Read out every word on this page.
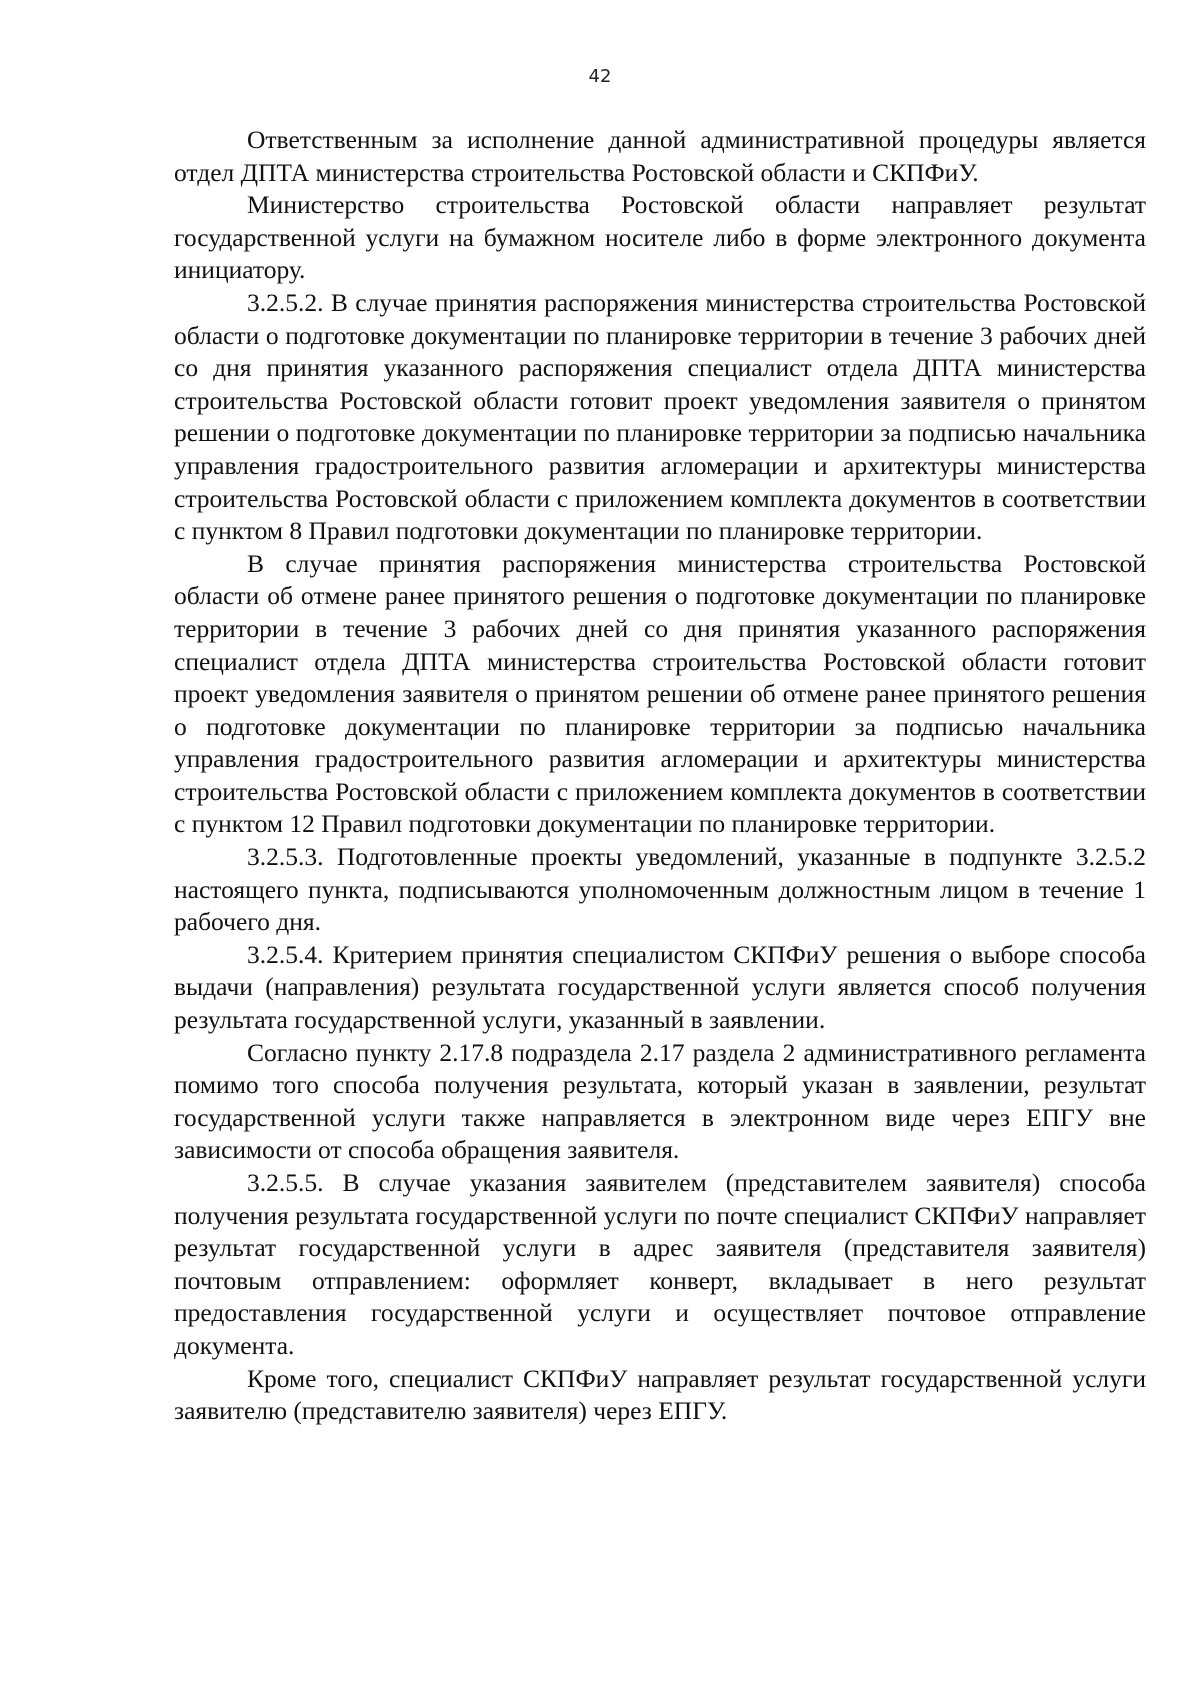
42

Ответственным за исполнение данной административной процедуры является отдел ДПТА министерства строительства Ростовской области и СКПФиУ.

Министерство строительства Ростовской области направляет результат государственной услуги на бумажном носителе либо в форме электронного документа инициатору.

3.2.5.2. В случае принятия распоряжения министерства строительства Ростовской области о подготовке документации по планировке территории в течение 3 рабочих дней со дня принятия указанного распоряжения специалист отдела ДПТА министерства строительства Ростовской области готовит проект уведомления заявителя о принятом решении о подготовке документации по планировке территории за подписью начальника управления градостроительного развития агломерации и архитектуры министерства строительства Ростовской области с приложением комплекта документов в соответствии с пунктом 8 Правил подготовки документации по планировке территории.

В случае принятия распоряжения министерства строительства Ростовской области об отмене ранее принятого решения о подготовке документации по планировке территории в течение 3 рабочих дней со дня принятия указанного распоряжения специалист отдела ДПТА министерства строительства Ростовской области готовит проект уведомления заявителя о принятом решении об отмене ранее принятого решения о подготовке документации по планировке территории за подписью начальника управления градостроительного развития агломерации и архитектуры министерства строительства Ростовской области с приложением комплекта документов в соответствии с пунктом 12 Правил подготовки документации по планировке территории.

3.2.5.3. Подготовленные проекты уведомлений, указанные в подпункте 3.2.5.2 настоящего пункта, подписываются уполномоченным должностным лицом в течение 1 рабочего дня.

3.2.5.4. Критерием принятия специалистом СКПФиУ решения о выборе способа выдачи (направления) результата государственной услуги является способ получения результата государственной услуги, указанный в заявлении.

Согласно пункту 2.17.8 подраздела 2.17 раздела 2 административного регламента помимо того способа получения результата, который указан в заявлении, результат государственной услуги также направляется в электронном виде через ЕПГУ вне зависимости от способа обращения заявителя.

3.2.5.5. В случае указания заявителем (представителем заявителя) способа получения результата государственной услуги по почте специалист СКПФиУ направляет результат государственной услуги в адрес заявителя (представителя заявителя) почтовым отправлением: оформляет конверт, вкладывает в него результат предоставления государственной услуги и осуществляет почтовое отправление документа.

Кроме того, специалист СКПФиУ направляет результат государственной услуги заявителю (представителю заявителя) через ЕПГУ.
